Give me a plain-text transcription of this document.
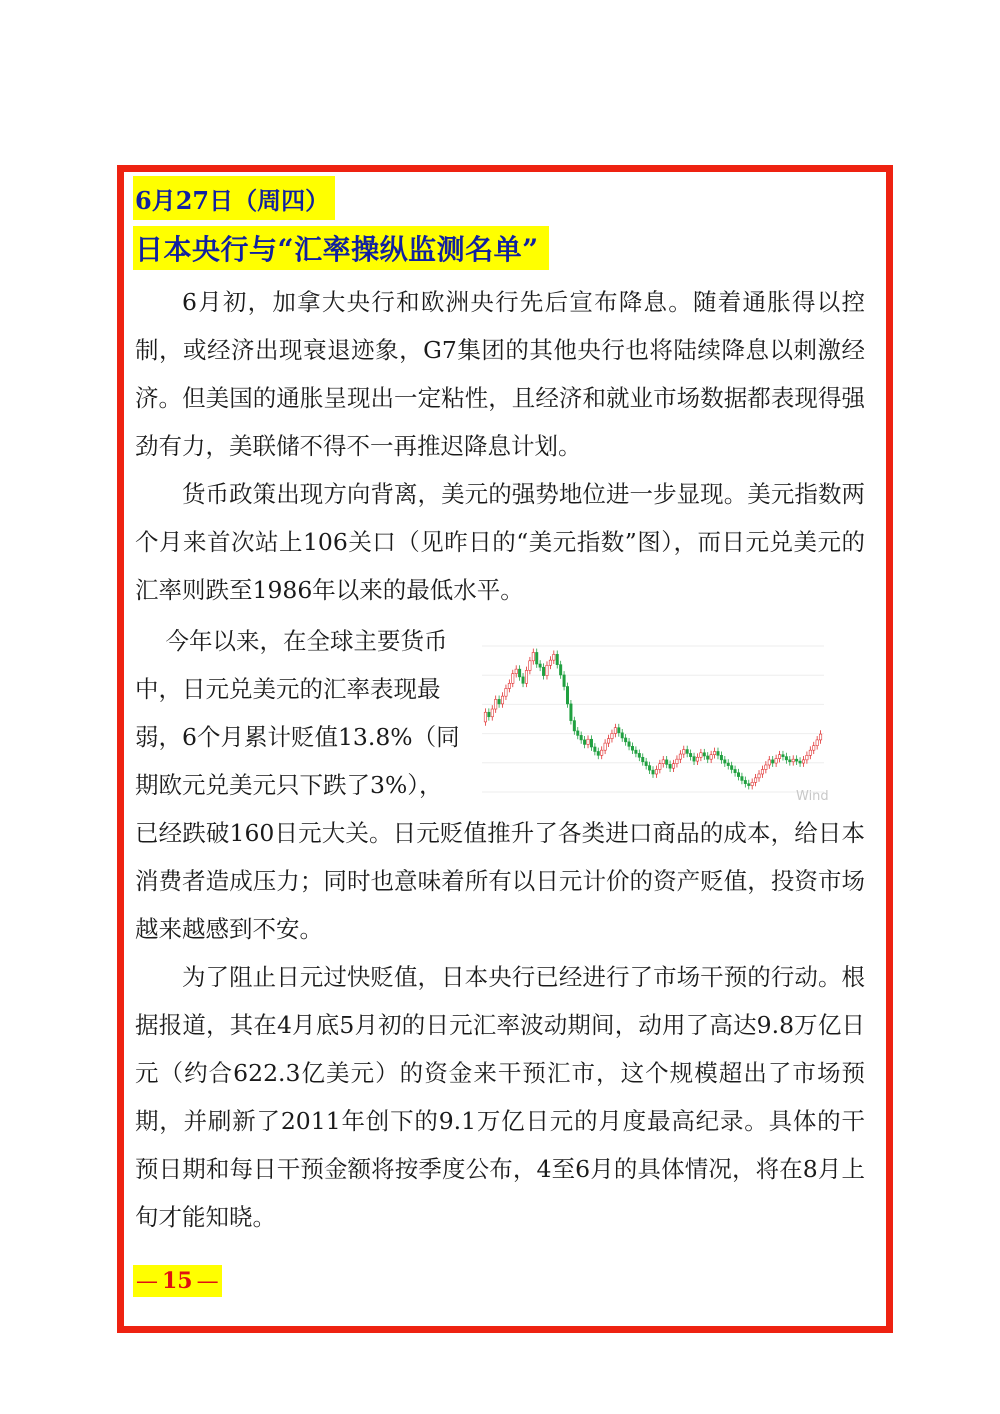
6月27日（周四）
日本央行与“汇率操纵监测名单”

6月初，加拿大央行和欧洲央行先后宣布降息。随着通胀得以控制，或经济出现衰退迹象，G7集团的其他央行也将陆续降息以刺激经济。但美国的通胀呈现出一定粘性，且经济和就业市场数据都表现得强劲有力，美联储不得不一再推迟降息计划。

货币政策出现方向背离，美元的强势地位进一步显现。美元指数两个月来首次站上106关口（见昨日的“美元指数”图），而日元兑美元的汇率则跌至1986年以来的最低水平。

今年以来，在全球主要货币
中，日元兑美元的汇率表现最
弱，6个月累计贬值13.8%（同
期欧元兑美元只下跌了3%），	Wind

已经跌破160日元大关。日元贬值推升了各类进口商品的成本，给日本消费者造成压力；同时也意味着所有以日元计价的资产贬值，投资市场越来越感到不安。

为了阻止日元过快贬值，日本央行已经进行了市场干预的行动。根据报道，其在4月底5月初的日元汇率波动期间，动用了高达9.8万亿日元（约合622.3亿美元）的资金来干预汇市，这个规模超出了市场预期，并刷新了2011年创下的9.1万亿日元的月度最高纪录。具体的干预日期和每日干预金额将按季度公布，4至6月的具体情况，将在8月上旬才能知晓。

— 15 —
